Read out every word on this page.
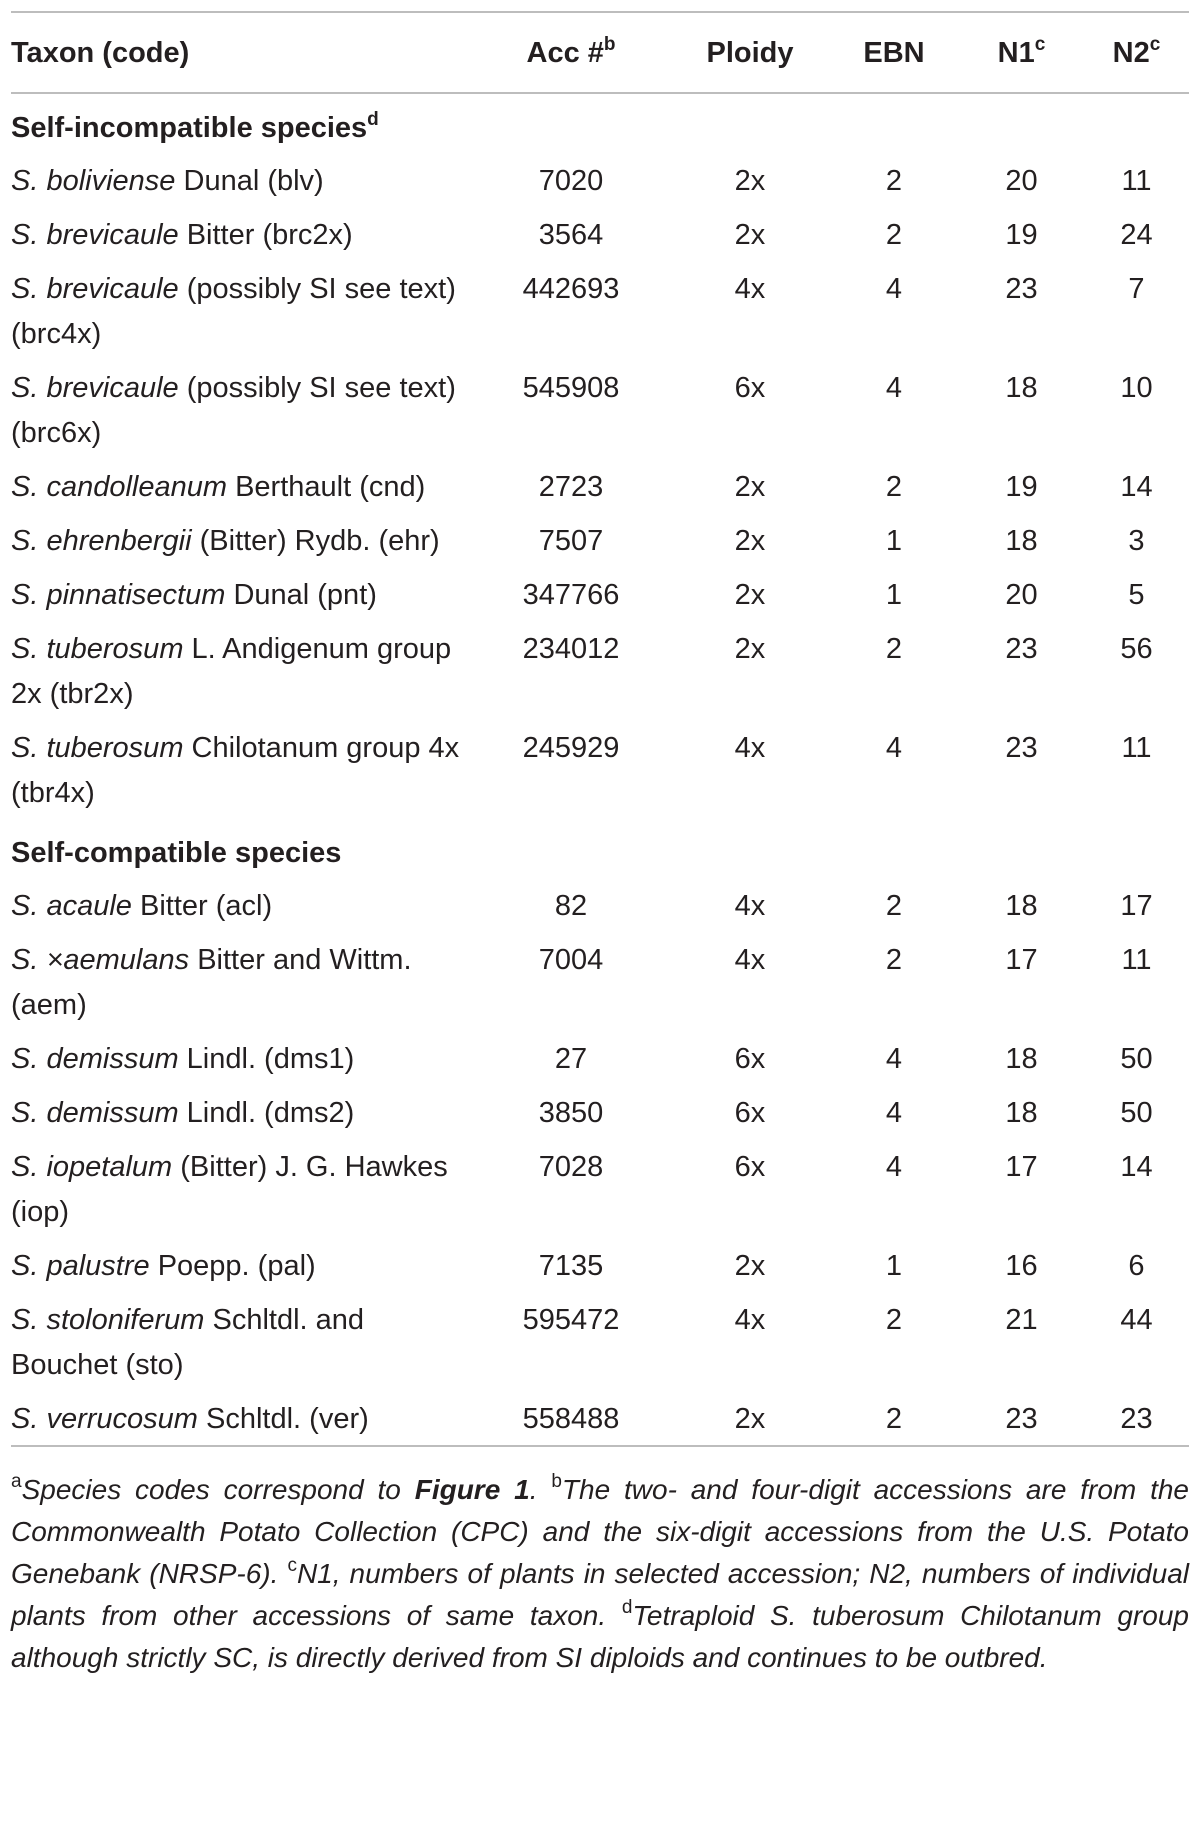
Taxon (code)	Acc #$^b$	Ploidy	EBN	N1$^c$	N2$^c$

Self-incompatible species$^d$
S. boliviense Dunal (blv)	7020	2x	2	20	11
S. brevicaule Bitter (brc2x)	3564	2x	2	19	24
S. brevicaule (possibly SI see text) (brc4x)	442693	4x	4	23	7
S. brevicaule (possibly SI see text) (brc6x)	545908	6x	4	18	10
S. candolleanum Berthault (cnd)	2723	2x	2	19	14
S. ehrenbergii (Bitter) Rydb. (ehr)	7507	2x	1	18	3
S. pinnatisectum Dunal (pnt)	347766	2x	1	20	5
S. tuberosum L. Andigenum group 2x (tbr2x)	234012	2x	2	23	56
S. tuberosum Chilotanum group 4x (tbr4x)	245929	4x	4	23	11
Self-compatible species					
S. acaule Bitter (acl)	82	4x	2	18	17
S. ×aemulans Bitter and Wittm. (aem)	7004	4x	2	17	11
S. demissum Lindl. (dms1)	27	6x	4	18	50
S. demissum Lindl. (dms2)	3850	6x	4	18	50
S. iopetalum (Bitter) J. G. Hawkes (iop)	7028	6x	4	17	14
S. palustre Poepp. (pal)	7135	2x	1	16	6
S. stoloniferum Schltdl. and Bouchet (sto)	595472	4x	2	21	44
S. verrucosum Schltdl. (ver)	558488	2x	2	23	23
$^a$Species codes correspond to Figure 1. $^b$The two- and four-digit accessions are from the Commonwealth Potato Collection (CPC) and the six-digit accessions from the U.S. Potato Genebank (NRSP-6). $^c$N1, numbers of plants in selected accession; N2, numbers of individual plants from other accessions of same taxon. $^d$Tetraploid S. tuberosum Chilotanum group although strictly SC, is directly derived from SI diploids and continues to be outbred.
